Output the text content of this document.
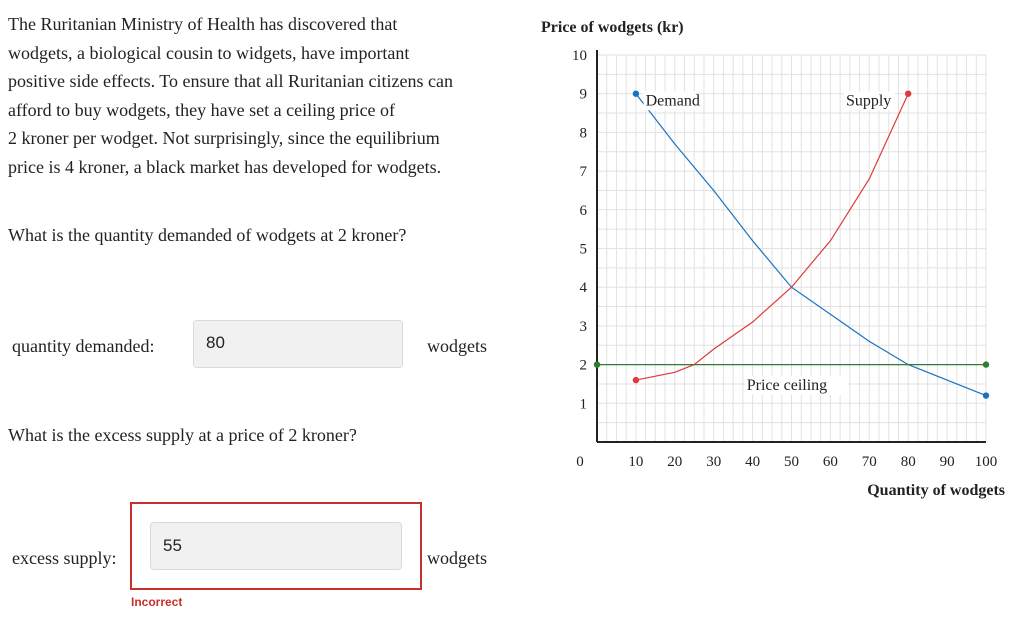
The Ruritanian Ministry of Health has discovered that
wodgets, a biological cousin to widgets, have important
positive side effects. To ensure that all Ruritanian citizens can
afford to buy wodgets, they have set a ceiling price of
2 kroner per wodget. Not surprisingly, since the equilibrium
price is 4 kroner, a black market has developed for wodgets.
What is the quantity demanded of wodgets at 2 kroner?
quantity demanded:	80	wodgets
What is the excess supply at a price of 2 kroner?
excess supply:
55
wodgets
Incorrect
0	10 20 30 40 50 60 70 80 90 100
1
2
3
4
5
6
7
8
9
10
Price of wodgets (kr)
Quantity of wodgets
Demand	Supply
Price ceiling
